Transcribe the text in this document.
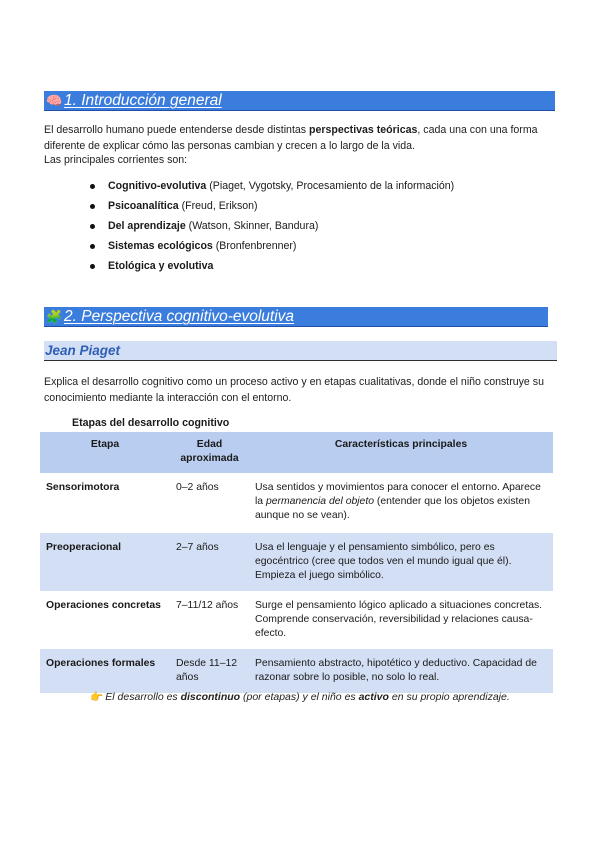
🧠 1. Introducción general
El desarrollo humano puede entenderse desde distintas perspectivas teóricas, cada una con una forma diferente de explicar cómo las personas cambian y crecen a lo largo de la vida.
Las principales corrientes son:
Cognitivo-evolutiva (Piaget, Vygotsky, Procesamiento de la información)
Psicoanalítica (Freud, Erikson)
Del aprendizaje (Watson, Skinner, Bandura)
Sistemas ecológicos (Bronfenbrenner)
Etológica y evolutiva
🧩 2. Perspectiva cognitivo-evolutiva
Jean Piaget
Explica el desarrollo cognitivo como un proceso activo y en etapas cualitativas, donde el niño construye su conocimiento mediante la interacción con el entorno.
Etapas del desarrollo cognitivo
Etapa	Edad aproximada	Características principales
Sensorimotora	0–2 años	Usa sentidos y movimientos para conocer el entorno. Aparece la permanencia del objeto (entender que los objetos existen aunque no se vean).
Preoperacional	2–7 años	Usa el lenguaje y el pensamiento simbólico, pero es egocéntrico (cree que todos ven el mundo igual que él). Empieza el juego simbólico.
Operaciones concretas	7–11/12 años	Surge el pensamiento lógico aplicado a situaciones concretas. Comprende conservación, reversibilidad y relaciones causa-efecto.
Operaciones formales	Desde 11–12 años	Pensamiento abstracto, hipotético y deductivo. Capacidad de razonar sobre lo posible, no solo lo real.
👉 El desarrollo es discontinuo (por etapas) y el niño es activo en su propio aprendizaje.
